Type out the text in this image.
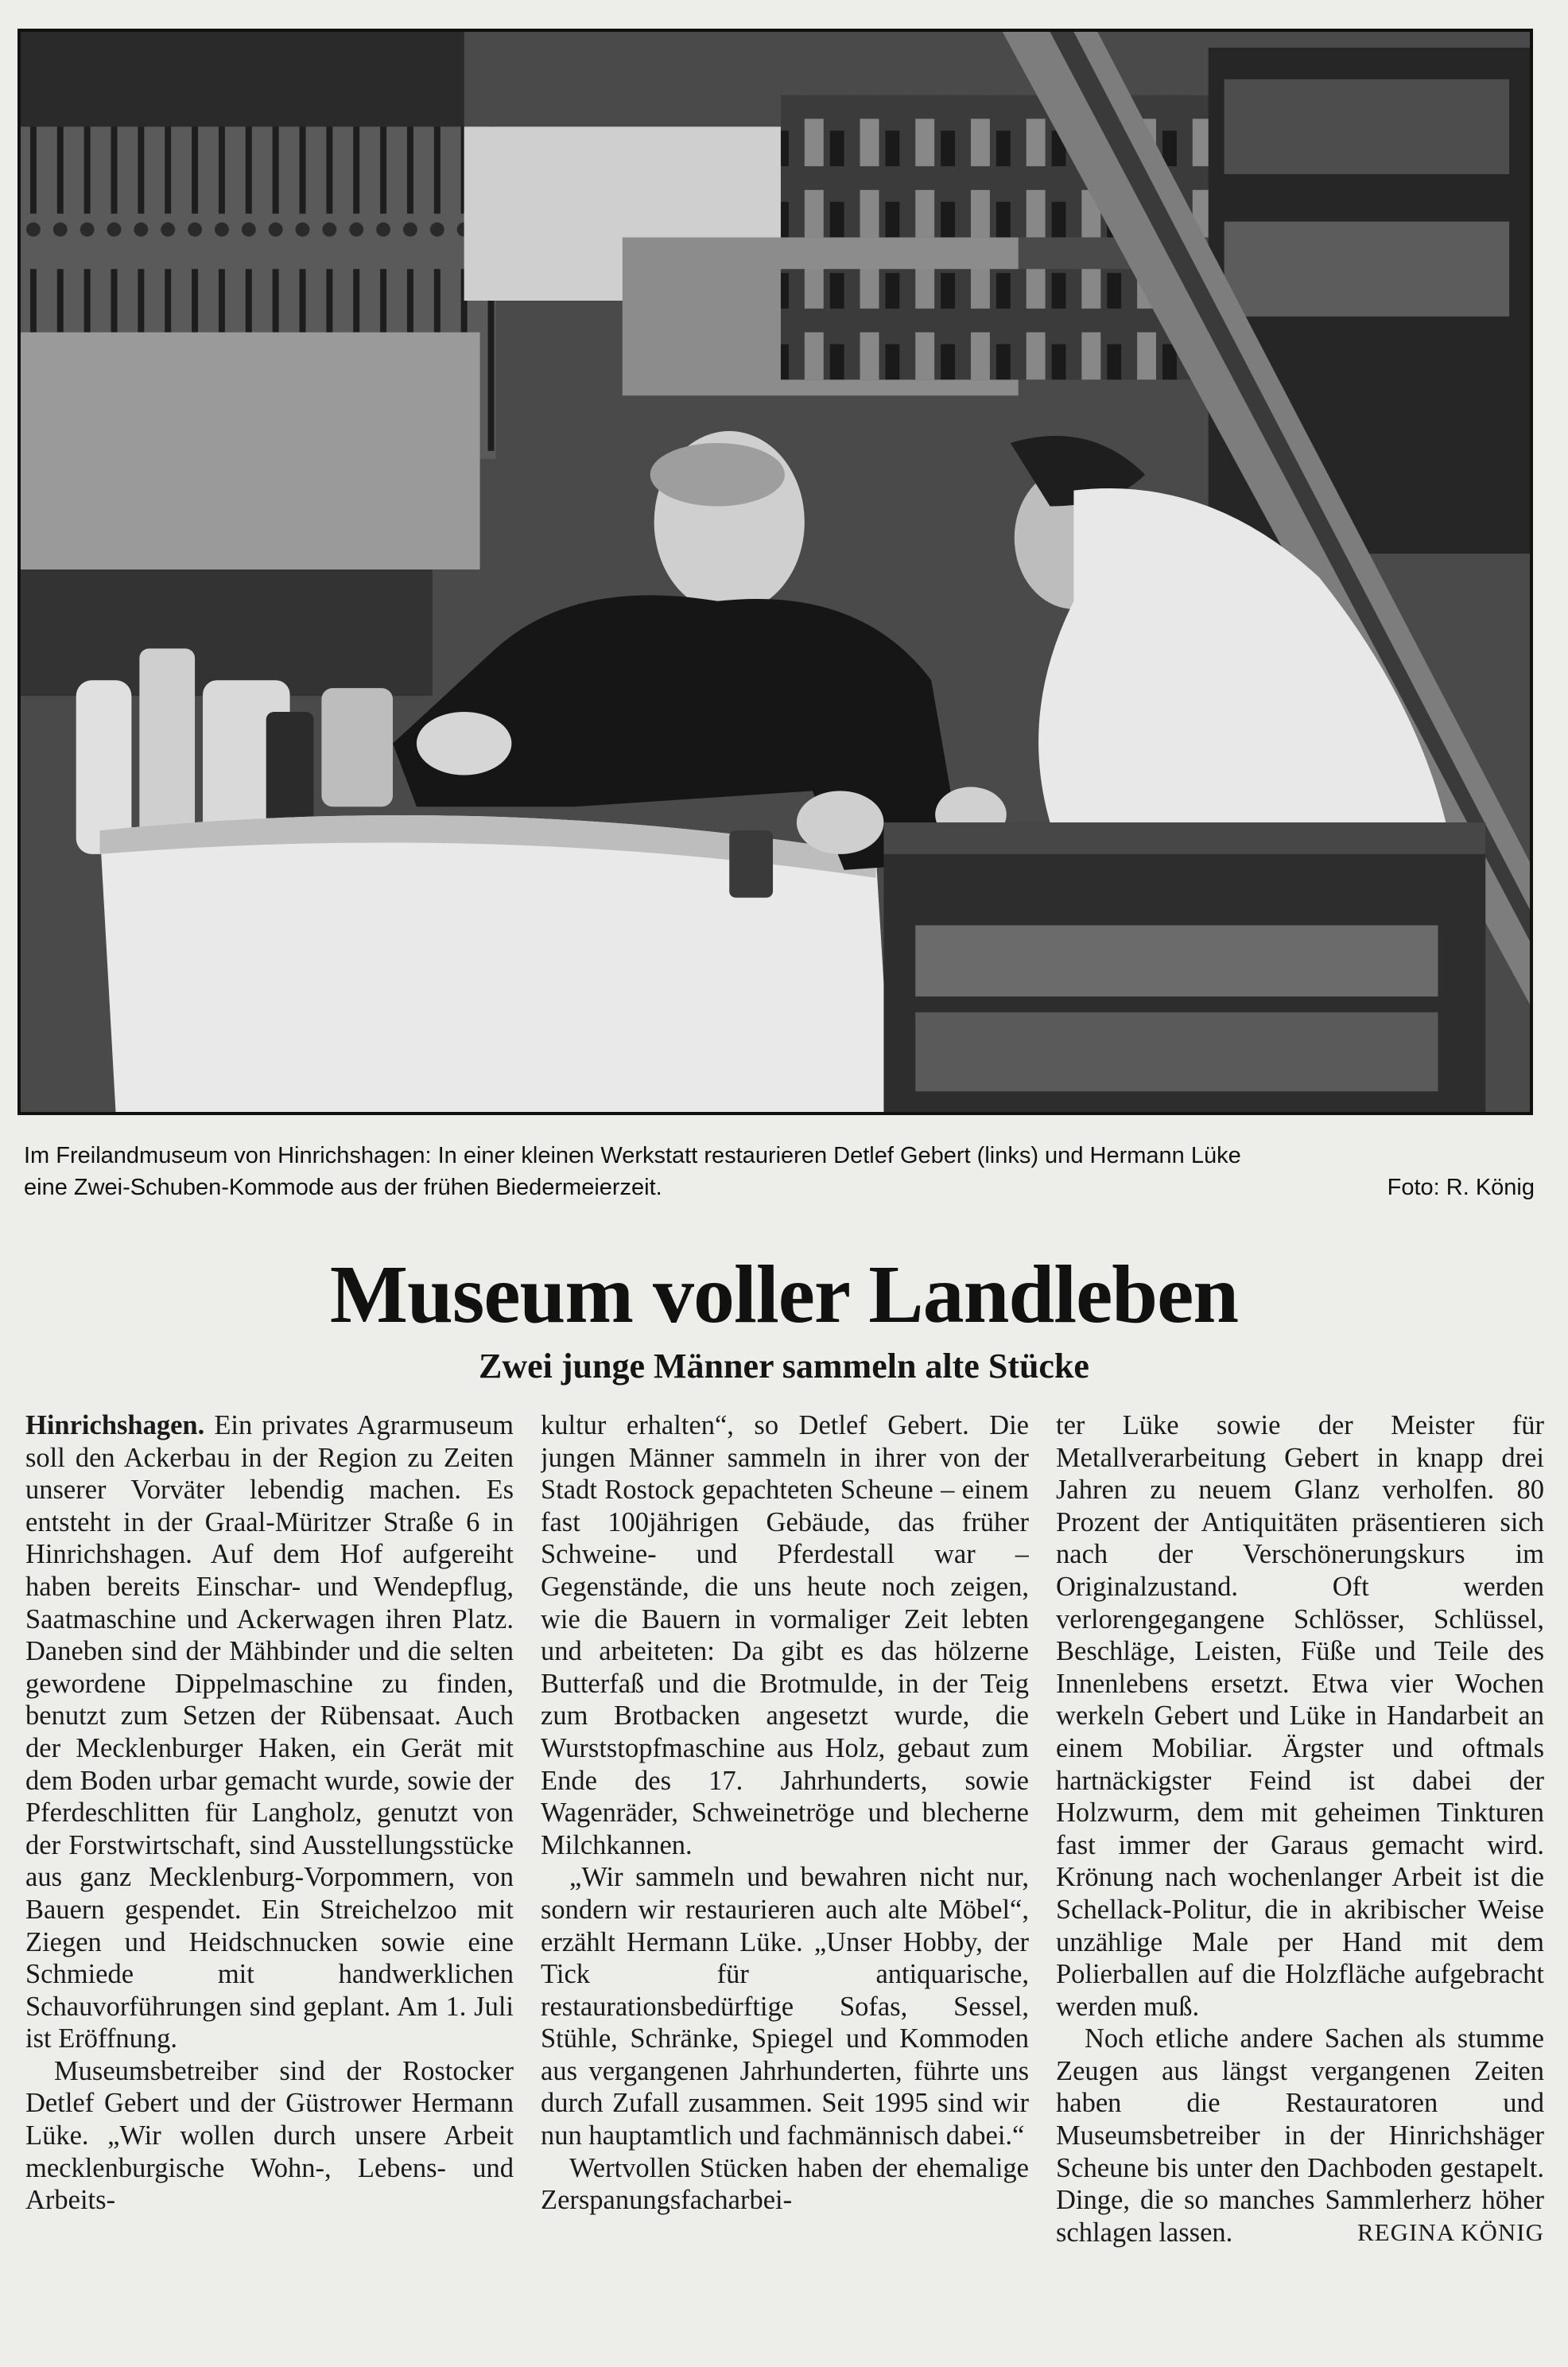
Im Freilandmuseum von Hinrichshagen: In einer kleinen Werkstatt restaurieren Detlef Gebert (links) und Hermann Lüke
eine Zwei-Schuben-Kommode aus der frühen Biedermeierzeit.	Foto: R. König
Museum voller Landleben
Zwei junge Männer sammeln alte Stücke

Hinrichshagen. Ein privates Agrarmuseum soll den Ackerbau in der Region zu Zeiten unserer Vorväter lebendig machen. Es entsteht in der Graal-Müritzer Straße 6 in Hinrichshagen. Auf dem Hof aufgereiht haben bereits Einschar- und Wendepflug, Saatmaschine und Ackerwagen ihren Platz. Daneben sind der Mähbinder und die selten gewordene Dippelmaschine zu finden, benutzt zum Setzen der Rübensaat. Auch der Mecklenburger Haken, ein Gerät mit dem Boden urbar gemacht wurde, sowie der Pferdeschlitten für Langholz, genutzt von der Forstwirtschaft, sind Ausstellungsstücke aus ganz Mecklenburg-Vorpommern, von Bauern gespendet. Ein Streichelzoo mit Ziegen und Heidschnucken sowie eine Schmiede mit handwerklichen Schauvorführungen sind geplant. Am 1. Juli ist Eröffnung.

Museumsbetreiber sind der Rostocker Detlef Gebert und der Güstrower Hermann Lüke. „Wir wollen durch unsere Arbeit mecklenburgische Wohn-, Lebens- und Arbeits-

kultur erhalten“, so Detlef Gebert. Die jungen Männer sammeln in ihrer von der Stadt Rostock gepachteten Scheune – einem fast 100jährigen Gebäude, das früher Schweine- und Pferdestall war – Gegenstände, die uns heute noch zeigen, wie die Bauern in vormaliger Zeit lebten und arbeiteten: Da gibt es das hölzerne Butterfaß und die Brotmulde, in der Teig zum Brotbacken angesetzt wurde, die Wurststopfmaschine aus Holz, gebaut zum Ende des 17. Jahrhunderts, sowie Wagenräder, Schweinetröge und blecherne Milchkannen.

„Wir sammeln und bewahren nicht nur, sondern wir restaurieren auch alte Möbel“, erzählt Hermann Lüke. „Unser Hobby, der Tick für antiquarische, restaurationsbedürftige Sofas, Sessel, Stühle, Schränke, Spiegel und Kommoden aus vergangenen Jahrhunderten, führte uns durch Zufall zusammen. Seit 1995 sind wir nun hauptamtlich und fachmännisch dabei.“

Wertvollen Stücken haben der ehemalige Zerspanungsfacharbei-

ter Lüke sowie der Meister für Metallverarbeitung Gebert in knapp drei Jahren zu neuem Glanz verholfen. 80 Prozent der Antiquitäten präsentieren sich nach der Verschönerungskurs im Originalzustand. Oft werden verlorengegangene Schlösser, Schlüssel, Beschläge, Leisten, Füße und Teile des Innenlebens ersetzt. Etwa vier Wochen werkeln Gebert und Lüke in Handarbeit an einem Mobiliar. Ärgster und oftmals hartnäckigster Feind ist dabei der Holzwurm, dem mit geheimen Tinkturen fast immer der Garaus gemacht wird. Krönung nach wochenlanger Arbeit ist die Schellack-Politur, die in akribischer Weise unzählige Male per Hand mit dem Polierballen auf die Holzfläche aufgebracht werden muß.

Noch etliche andere Sachen als stumme Zeugen aus längst vergangenen Zeiten haben die Restauratoren und Museumsbetreiber in der Hinrichshäger Scheune bis unter den Dachboden gestapelt. Dinge, die so manches Sammlerherz höher schlagen lassen.	REGINA KÖNIG
